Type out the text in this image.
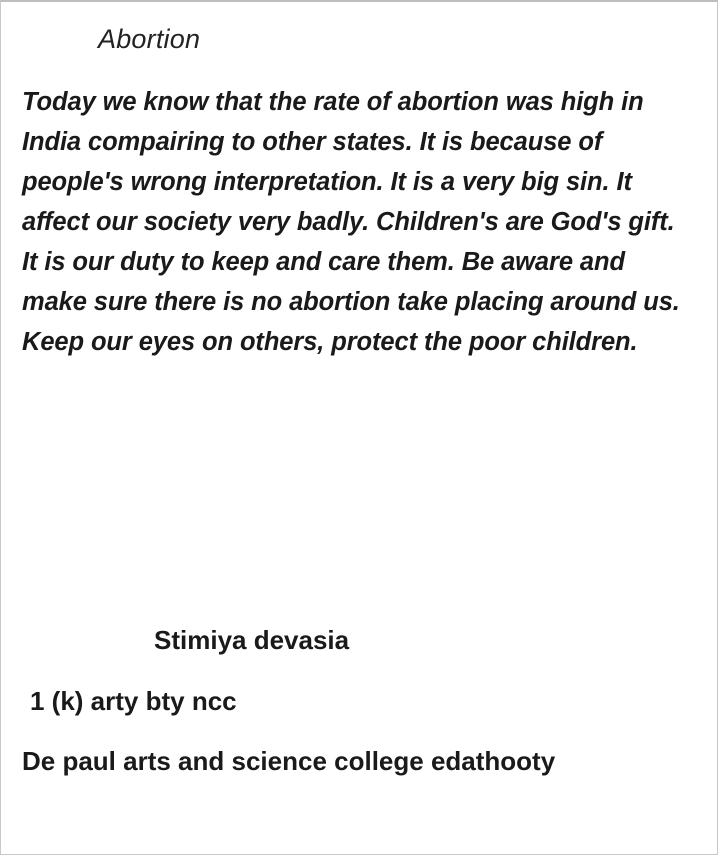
Abortion
Today we know that the rate of abortion was high in
India compairing to other states. It is because of
people's wrong interpretation. It is a very big sin. It
affect our society very badly. Children's are God's gift.
It is our duty to keep and care them. Be aware and
make sure there is no abortion take placing around us.
Keep our eyes on others, protect the poor children.
Stimiya devasia
1 (k) arty bty ncc
De paul arts and science college edathooty
